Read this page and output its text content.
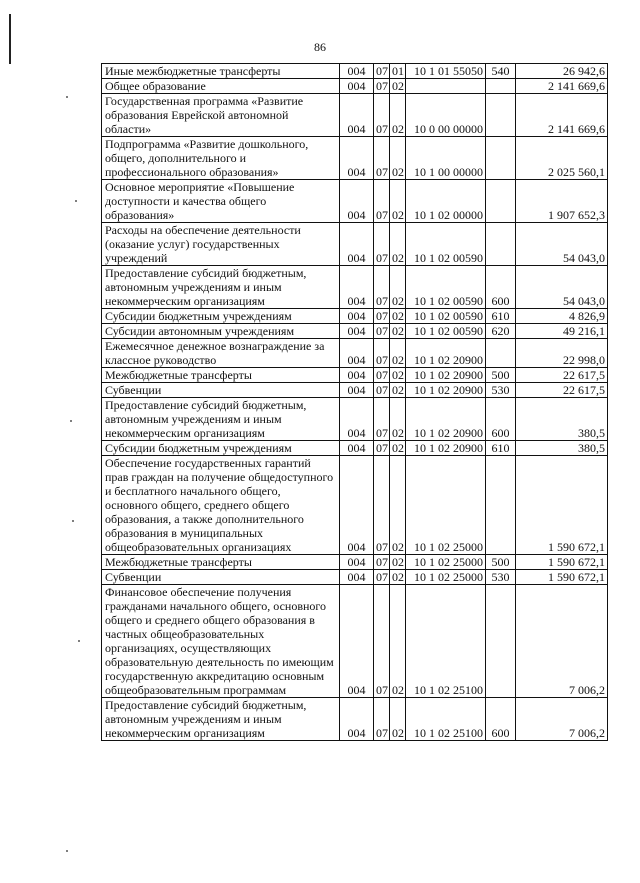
86
Иные межбюджетные трансферты	004	07	01	10 1 01 55050	540	26 942,6
Общее образование	004	07	02			2 141 669,6
Государственная программа «Развитие образования Еврейской автономной области»	004	07	02	10 0 00 00000		2 141 669,6
Подпрограмма «Развитие дошкольного, общего, дополнительного и профессионального образования»	004	07	02	10 1 00 00000		2 025 560,1
Основное мероприятие «Повышение доступности и качества общего образования»	004	07	02	10 1 02 00000		1 907 652,3
Расходы на обеспечение деятельности (оказание услуг) государственных учреждений	004	07	02	10 1 02 00590		54 043,0
Предоставление субсидий бюджетным, автономным учреждениям и иным некоммерческим организациям	004	07	02	10 1 02 00590	600	54 043,0
Субсидии бюджетным учреждениям	004	07	02	10 1 02 00590	610	4 826,9
Субсидии автономным учреждениям	004	07	02	10 1 02 00590	620	49 216,1
Ежемесячное денежное вознаграждение за классное руководство	004	07	02	10 1 02 20900		22 998,0
Межбюджетные трансферты	004	07	02	10 1 02 20900	500	22 617,5
Субвенции	004	07	02	10 1 02 20900	530	22 617,5
Предоставление субсидий бюджетным, автономным учреждениям и иным некоммерческим организациям	004	07	02	10 1 02 20900	600	380,5
Субсидии бюджетным учреждениям	004	07	02	10 1 02 20900	610	380,5
Обеспечение государственных гарантий прав граждан на получение общедоступного и бесплатного начального общего, основного общего, среднего общего образования, а также дополнительного образования в муниципальных общеобразовательных организациях	004	07	02	10 1 02 25000		1 590 672,1
Межбюджетные трансферты	004	07	02	10 1 02 25000	500	1 590 672,1
Субвенции	004	07	02	10 1 02 25000	530	1 590 672,1
Финансовое обеспечение получения гражданами начального общего, основного общего и среднего общего образования в частных общеобразовательных организациях, осуществляющих образовательную деятельность по имеющим государственную аккредитацию основным общеобразовательным программам	004	07	02	10 1 02 25100		7 006,2
Предоставление субсидий бюджетным, автономным учреждениям и иным некоммерческим организациям	004	07	02	10 1 02 25100	600	7 006,2
